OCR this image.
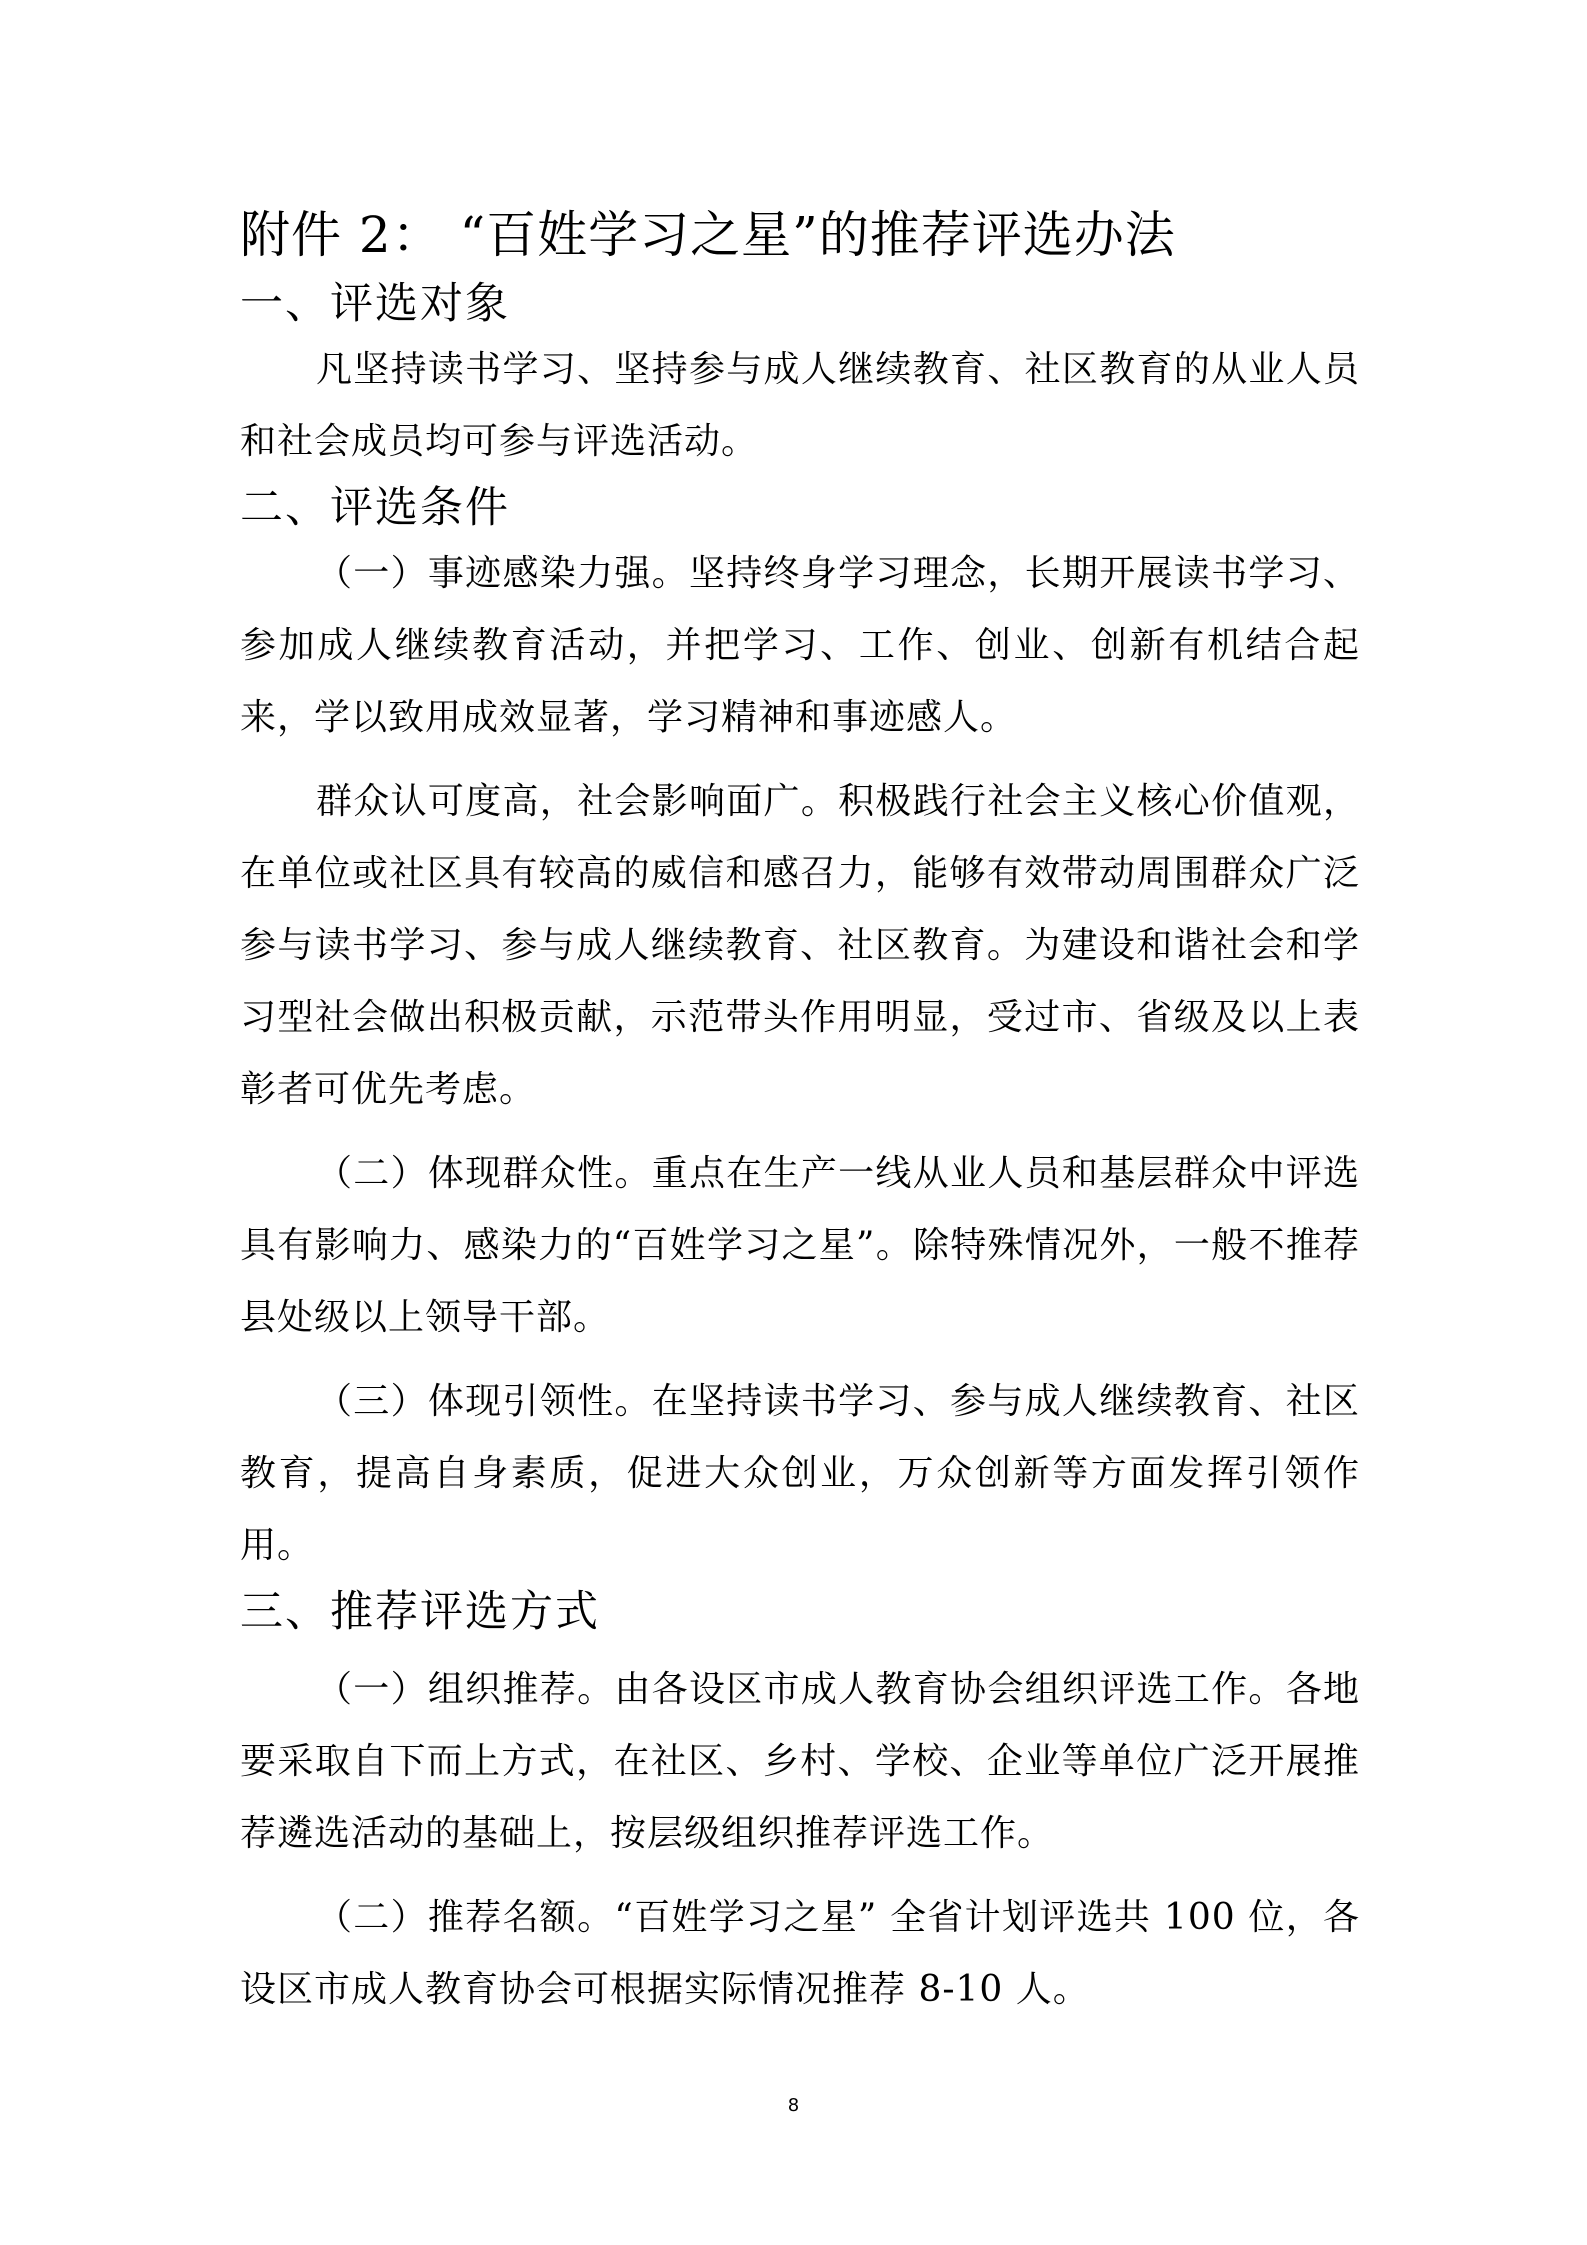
附件 2： “百姓学习之星”的推荐评选办法
一、评选对象

凡坚持读书学习、坚持参与成人继续教育、社区教育的从业人员和社会成员均可参与评选活动。

二、评选条件

（一）事迹感染力强。坚持终身学习理念，长期开展读书学习、参加成人继续教育活动，并把学习、工作、创业、创新有机结合起来，学以致用成效显著，学习精神和事迹感人。

群众认可度高，社会影响面广。积极践行社会主义核心价值观，在单位或社区具有较高的威信和感召力，能够有效带动周围群众广泛参与读书学习、参与成人继续教育、社区教育。为建设和谐社会和学习型社会做出积极贡献，示范带头作用明显，受过市、省级及以上表彰者可优先考虑。

（二）体现群众性。重点在生产一线从业人员和基层群众中评选具有影响力、感染力的“百姓学习之星”。除特殊情况外，一般不推荐县处级以上领导干部。

（三）体现引领性。在坚持读书学习、参与成人继续教育、社区教育，提高自身素质，促进大众创业，万众创新等方面发挥引领作用。

三、推荐评选方式

（一）组织推荐。由各设区市成人教育协会组织评选工作。各地要采取自下而上方式，在社区、乡村、学校、企业等单位广泛开展推荐遴选活动的基础上，按层级组织推荐评选工作。

（二）推荐名额。“百姓学习之星” 全省计划评选共 100 位，各设区市成人教育协会可根据实际情况推荐 8-10 人。

8
